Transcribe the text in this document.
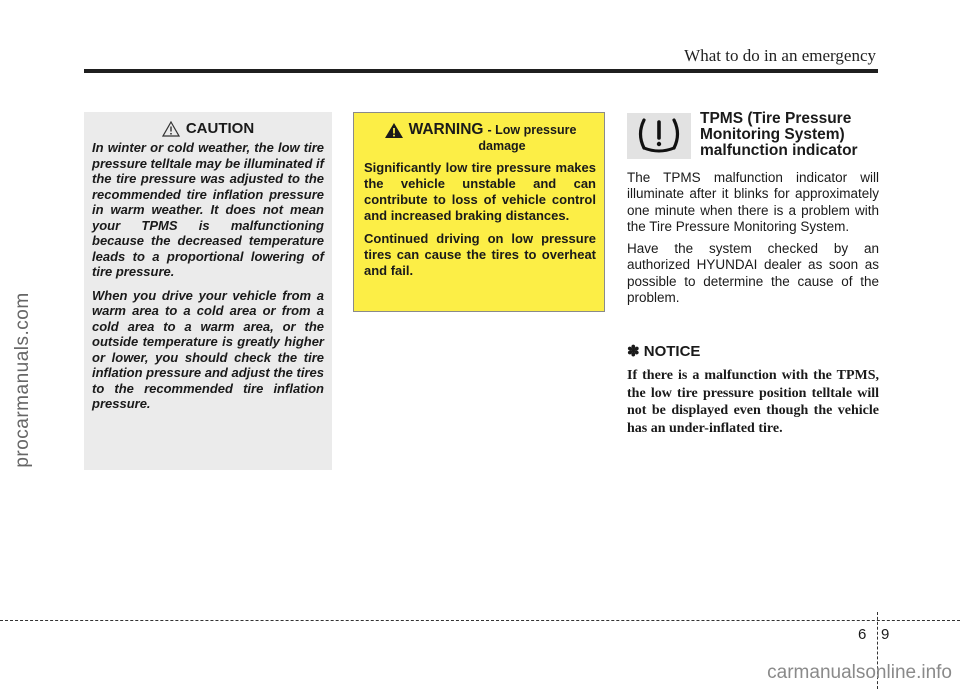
What to do in an emergency
procarmanuals.com
CAUTION

In winter or cold weather, the low tire pressure telltale may be illuminated if the tire pressure was adjusted to the recommended tire inflation pressure in warm weather. It does not mean your TPMS is malfunctioning because the decreased temperature leads to a proportional lowering of tire pressure.

When you drive your vehicle from a warm area to a cold area or from a cold area to a warm area, or the outside temperature is greatly higher or lower, you should check the tire inflation pressure and adjust the tires to the recommended tire inflation pressure.

WARNING - Low pressure
damage

Significantly low tire pressure makes the vehicle unstable and can contribute to loss of vehicle control and increased braking distances.

Continued driving on low pressure tires can cause the tires to overheat and fail.

TPMS (Tire Pressure Monitoring System) malfunction indicator

The TPMS malfunction indicator will illuminate after it blinks for approximately one minute when there is a problem with the Tire Pressure Monitoring System.

Have the system checked by an authorized HYUNDAI dealer as soon as possible to determine the cause of the problem.

✽ NOTICE

If there is a malfunction with the TPMS, the low tire pressure position telltale will not be displayed even though the vehicle has an under-inflated tire.

6 9
carmanualsonline.info
